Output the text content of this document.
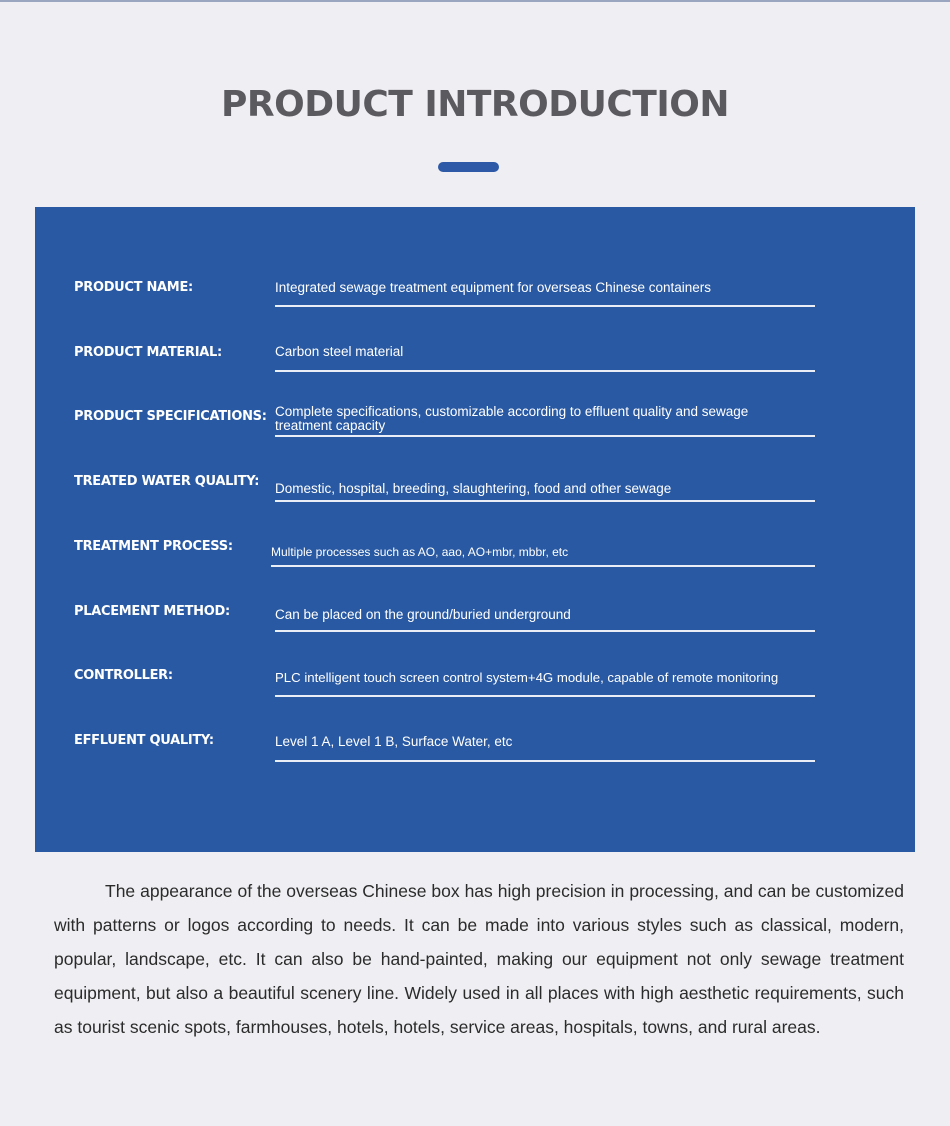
PRODUCT INTRODUCTION
PRODUCT NAME:	Integrated sewage treatment equipment for overseas Chinese containers
PRODUCT MATERIAL:	Carbon steel material
PRODUCT SPECIFICATIONS: Complete specifications, customizable according to effluent quality and sewage treatment capacity
TREATED WATER QUALITY: Domestic, hospital, breeding, slaughtering, food and other sewage
TREATMENT PROCESS:	Multiple processes such as AO, aao, AO+mbr, mbbr, etc
PLACEMENT METHOD:	Can be placed on the ground/buried underground
CONTROLLER:	PLC intelligent touch screen control system+4G module, capable of remote monitoring
EFFLUENT QUALITY:	Level 1 A, Level 1 B, Surface Water, etc

The appearance of the overseas Chinese box has high precision in processing, and can be customized with patterns or logos according to needs. It can be made into various styles such as classical, modern, popular, landscape, etc. It can also be hand-painted, making our equipment not only sewage treatment equipment, but also a beautiful scenery line. Widely used in all places with high aesthetic requirements, such as tourist scenic spots, farmhouses, hotels, hotels, service areas, hospitals, towns, and rural areas.
